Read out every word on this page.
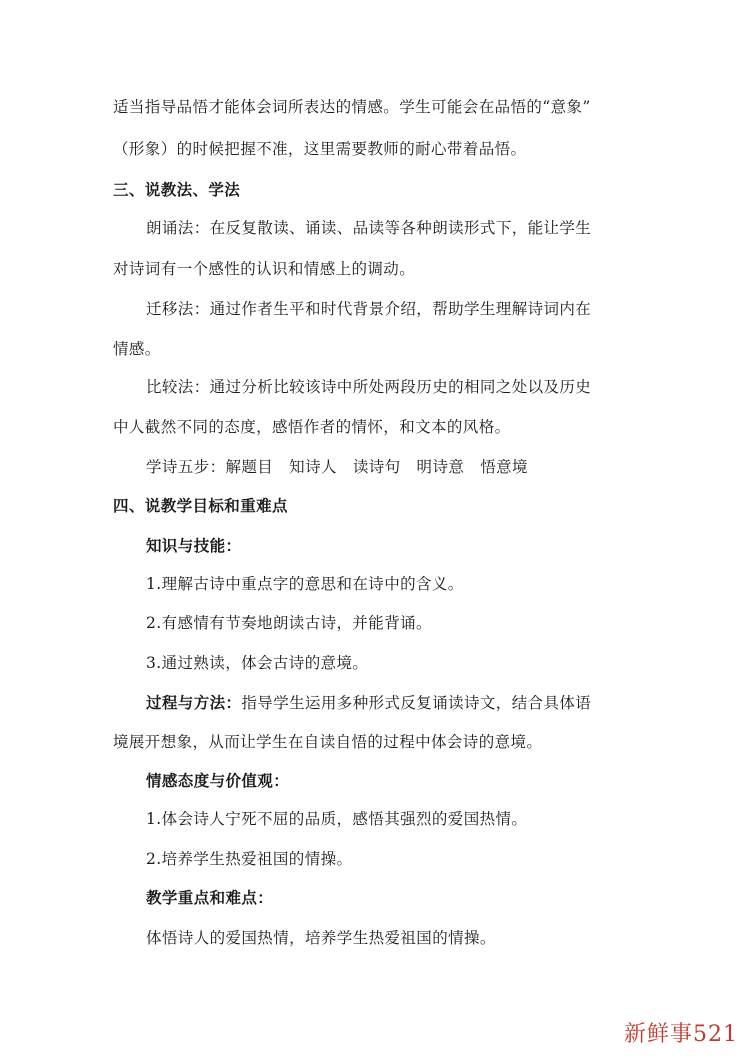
适当指导品悟才能体会词所表达的情感。学生可能会在品悟的“意象”
（形象）的时候把握不准，这里需要教师的耐心带着品悟。
三、说教法、学法
朗诵法：在反复散读、诵读、品读等各种朗读形式下，能让学生
对诗词有一个感性的认识和情感上的调动。
迁移法：通过作者生平和时代背景介绍，帮助学生理解诗词内在
情感。
比较法：通过分析比较该诗中所处两段历史的相同之处以及历史
中人截然不同的态度，感悟作者的情怀，和文本的风格。
学诗五步：解题目   知诗人   读诗句   明诗意   悟意境
四、说教学目标和重难点
知识与技能：
1.理解古诗中重点字的意思和在诗中的含义。
2.有感情有节奏地朗读古诗，并能背诵。
3.通过熟读，体会古诗的意境。
过程与方法：指导学生运用多种形式反复诵读诗文，结合具体语
境展开想象，从而让学生在自读自悟的过程中体会诗的意境。
情感态度与价值观：
1.体会诗人宁死不屈的品质，感悟其强烈的爱国热情。
2.培养学生热爱祖国的情操。
教学重点和难点：
体悟诗人的爱国热情，培养学生热爱祖国的情操。
新鲜事521
